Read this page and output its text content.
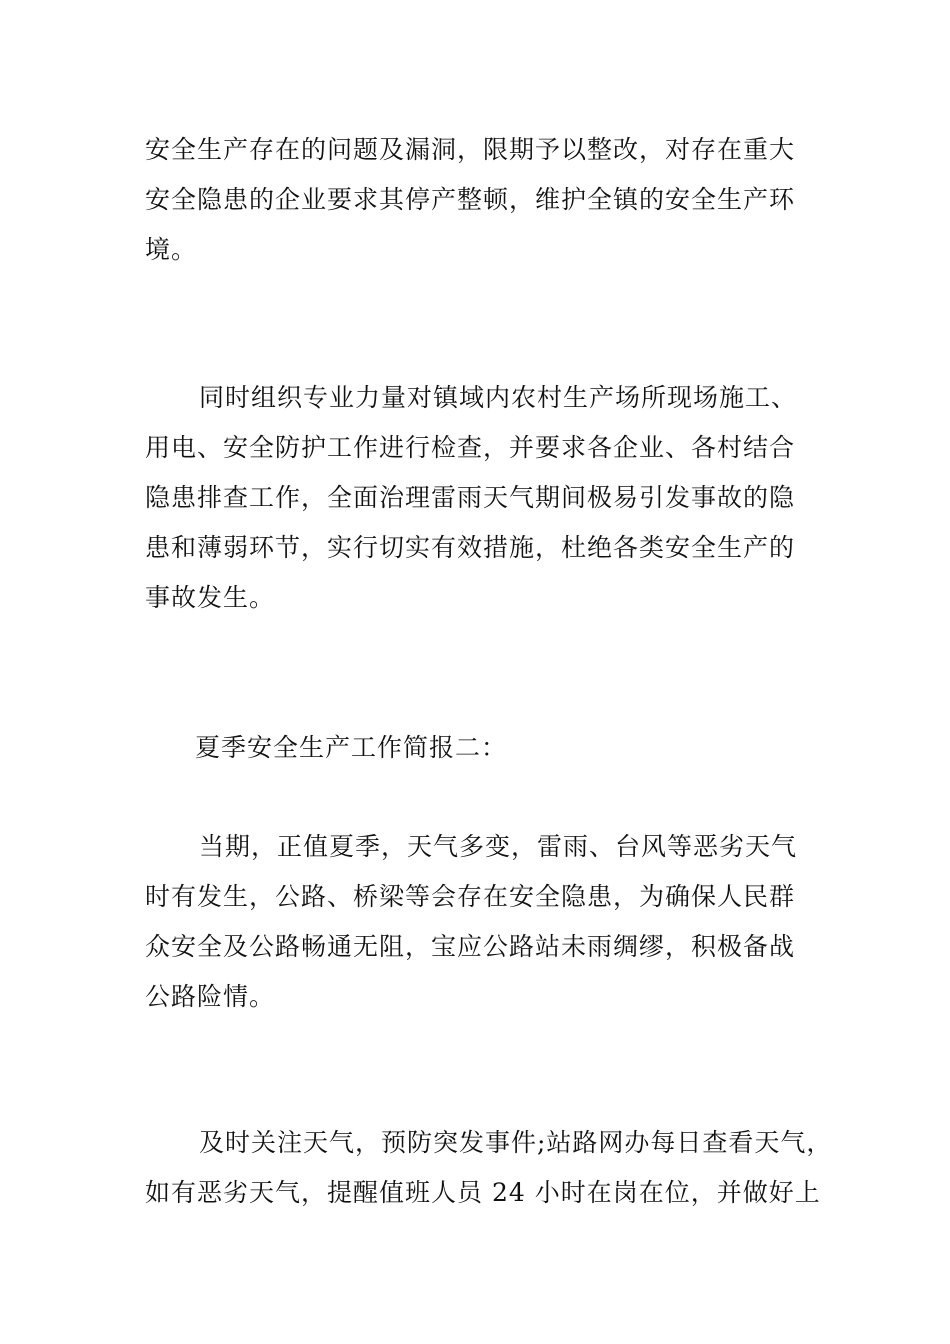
安全生产存在的问题及漏洞，限期予以整改，对存在重大
安全隐患的企业要求其停产整顿，维护全镇的安全生产环
境。
同时组织专业力量对镇域内农村生产场所现场施工、
用电、安全防护工作进行检查，并要求各企业、各村结合
隐患排查工作，全面治理雷雨天气期间极易引发事故的隐
患和薄弱环节，实行切实有效措施，杜绝各类安全生产的
事故发生。
夏季安全生产工作简报二：
当期，正值夏季，天气多变，雷雨、台风等恶劣天气
时有发生，公路、桥梁等会存在安全隐患，为确保人民群
众安全及公路畅通无阻，宝应公路站未雨绸缪，积极备战
公路险情。
及时关注天气，预防突发事件;站路网办每日查看天气，
如有恶劣天气，提醒值班人员 24 小时在岗在位，并做好上
